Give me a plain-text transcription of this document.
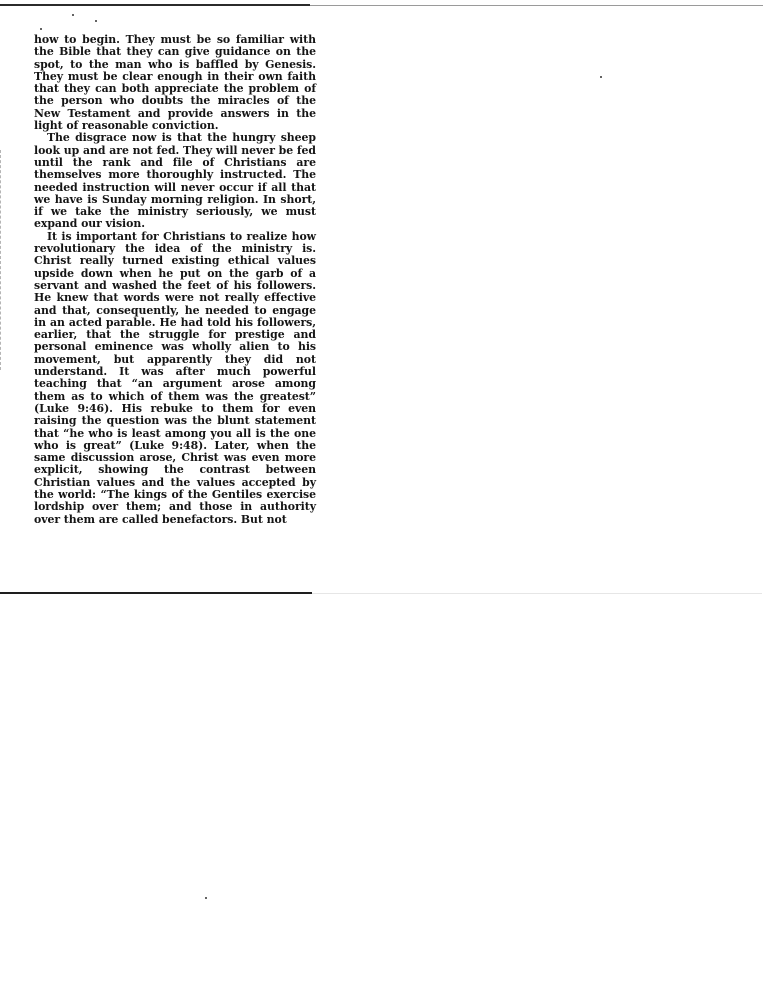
how to begin. They must be so familiar with the Bible that they can give guidance on the spot, to the man who is baffled by Genesis. They must be clear enough in their own faith that they can both appreciate the problem of the person who doubts the miracles of the New Testament and provide answers in the light of reasonable conviction.

The disgrace now is that the hungry sheep look up and are not fed. They will never be fed until the rank and file of Christians are themselves more thoroughly instructed. The needed instruction will never occur if all that we have is Sunday morning religion. In short, if we take the ministry seriously, we must expand our vision.

It is important for Christians to realize how revolutionary the idea of the ministry is. Christ really turned existing ethical values upside down when he put on the garb of a servant and washed the feet of his followers. He knew that words were not really effective and that, consequently, he needed to engage in an acted parable. He had told his followers, earlier, that the struggle for prestige and personal eminence was wholly alien to his movement, but apparently they did not understand. It was after much powerful teaching that “an argument arose among them as to which of them was the greatest” (Luke 9:46). His rebuke to them for even raising the question was the blunt statement that “he who is least among you all is the one who is great” (Luke 9:48). Later, when the same discussion arose, Christ was even more explicit, showing the contrast between Christian values and the values accepted by the world: “The kings of the Gentiles exercise lordship over them; and those in authority over them are called benefactors. But not
